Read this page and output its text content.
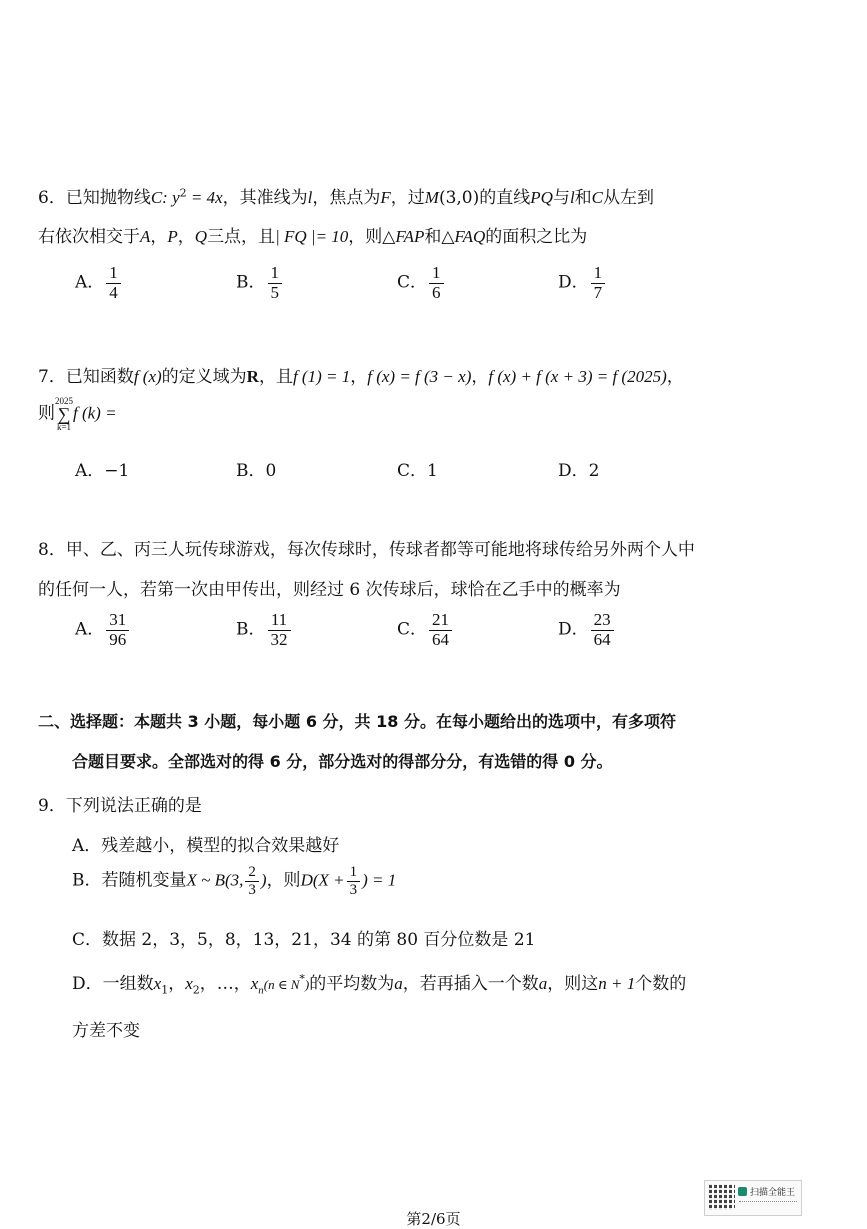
6．已知抛物线C: $y^2 = 4x$，其准线为l，焦点为F，过M(3,0)的直线PQ与l和C从左到
右依次相交于A，P，Q三点，且| FQ |= 10，则△FAP和△FAQ的面积之比为
A． $\frac{1}{4}$	B． $\frac{1}{5}$	C． $\frac{1}{6}$	D． $\frac{1}{7}$
7．已知函数f (x)的定义域为R，且f (1) = 1，f (x) = f (3 − x)，f (x) + f (x + 3) = f (2025)，
则
2025
∑
k=1
f (k) =
A．−1	B．0	C．1	D．2
8．甲、乙、丙三人玩传球游戏，每次传球时，传球者都等可能地将球传给另外两个人中
的任何一人，若第一次由甲传出，则经过 6 次传球后，球恰在乙手中的概率为
A． $\frac{31}{96}$	B． $\frac{11}{32}$	C． $\frac{21}{64}$	D． $\frac{23}{64}$
二、选择题：本题共 3 小题，每小题 6 分，共 18 分。在每小题给出的选项中，有多项符
合题目要求。全部选对的得 6 分，部分选对的得部分分，有选错的得 0 分。
9．下列说法正确的是
A．残差越小，模型的拟合效果越好
B．若随机变量X ~ B(3, $\frac{2}{3}$ )，则$D(X + \frac{1}{3}$ ) = 1
C．数据 2，3，5，8，13，21，34 的第 80 百分位数是 21
D．一组数$x_1$，$x_2$，…，$x_n(n$ ∈ N*)的平均数为a，若再插入一个数a，则这n + 1个数的
方差不变
扫描全能王
第2/6页
